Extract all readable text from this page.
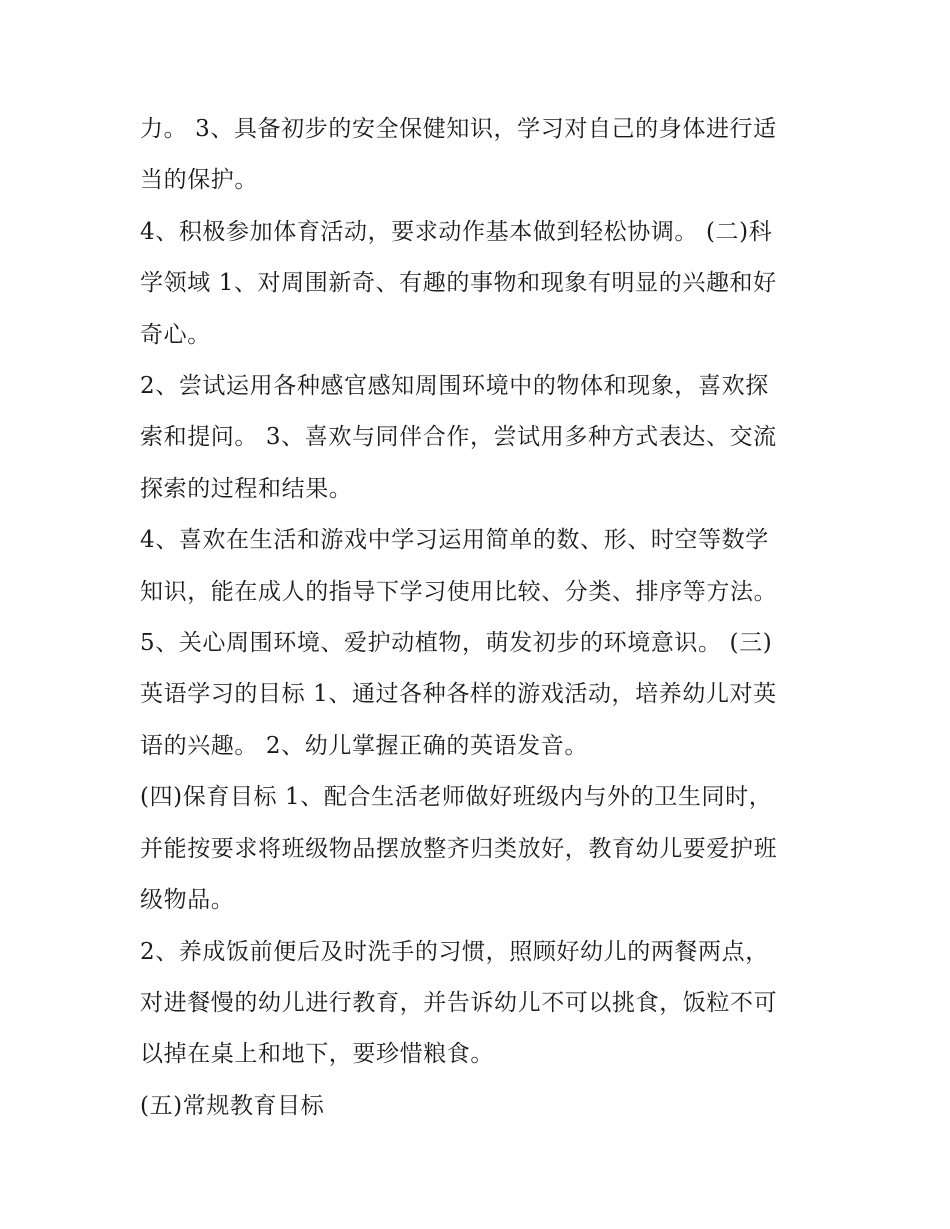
力。 3、具备初步的安全保健知识，学习对自己的身体进行适
当的保护。

4、积极参加体育活动，要求动作基本做到轻松协调。 (二)科
学领域 1、对周围新奇、有趣的事物和现象有明显的兴趣和好
奇心。

2、尝试运用各种感官感知周围环境中的物体和现象，喜欢探
索和提问。 3、喜欢与同伴合作，尝试用多种方式表达、交流
探索的过程和结果。

4、喜欢在生活和游戏中学习运用简单的数、形、时空等数学
知识，能在成人的指导下学习使用比较、分类、排序等方法。

5、关心周围环境、爱护动植物，萌发初步的环境意识。 (三)
英语学习的目标 1、通过各种各样的游戏活动，培养幼儿对英
语的兴趣。 2、幼儿掌握正确的英语发音。

(四)保育目标 1、配合生活老师做好班级内与外的卫生同时，
并能按要求将班级物品摆放整齐归类放好，教育幼儿要爱护班
级物品。

2、养成饭前便后及时洗手的习惯，照顾好幼儿的两餐两点，
对进餐慢的幼儿进行教育，并告诉幼儿不可以挑食，饭粒不可
以掉在桌上和地下，要珍惜粮食。

(五)常规教育目标
